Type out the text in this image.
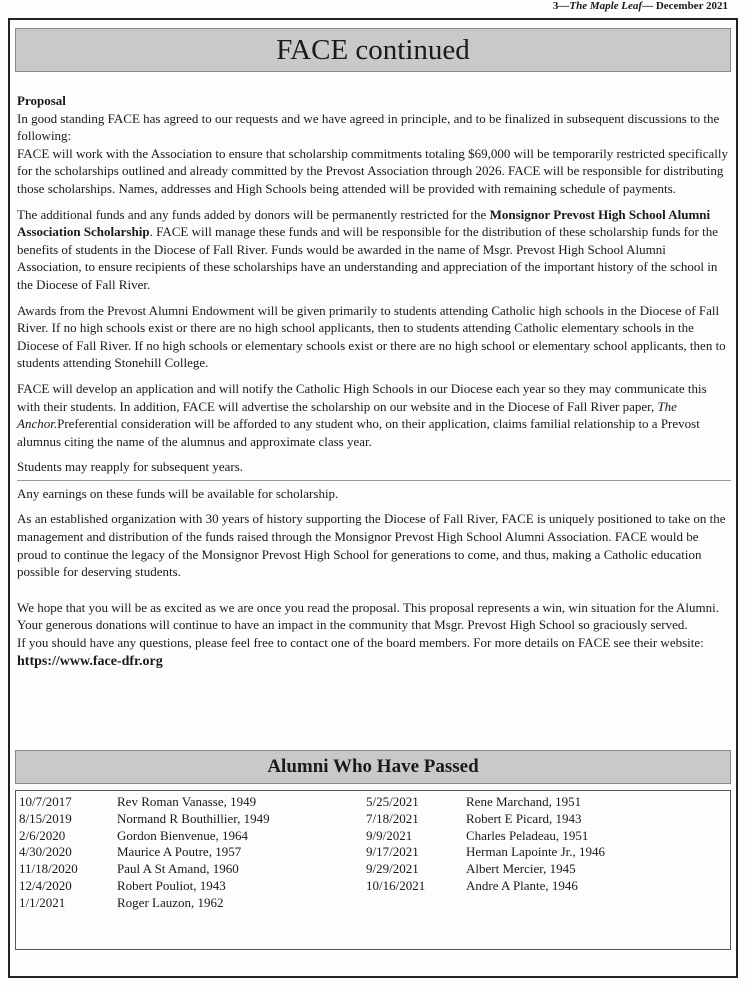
3—The Maple Leaf— December 2021
FACE continued

Proposal

In good standing FACE has agreed to our requests and we have agreed in principle, and to be finalized in subsequent discussions to the following:

FACE will work with the Association to ensure that scholarship commitments totaling $69,000 will be temporarily restricted specifically for the scholarships outlined and already committed by the Prevost Association through 2026. FACE will be responsible for distributing those scholarships. Names, addresses and High Schools being attended will be provided with remaining schedule of payments.

The additional funds and any funds added by donors will be permanently restricted for the Monsignor Prevost High School Alumni Association Scholarship. FACE will manage these funds and will be responsible for the distribution of these scholarship funds for the benefits of students in the Diocese of Fall River. Funds would be awarded in the name of Msgr. Prevost High School Alumni Association, to ensure recipients of these scholarships have an understanding and appreciation of the important history of the school in the Diocese of Fall River.

Awards from the Prevost Alumni Endowment will be given primarily to students attending Catholic high schools in the Diocese of Fall River. If no high schools exist or there are no high school applicants, then to students attending Catholic elementary schools in the Diocese of Fall River. If no high schools or elementary schools exist or there are no high school or elementary school applicants, then to students attending Stonehill College.

FACE will develop an application and will notify the Catholic High Schools in our Diocese each year so they may communicate this with their students. In addition, FACE will advertise the scholarship on our website and in the Diocese of Fall River paper, The Anchor.Preferential consideration will be afforded to any student who, on their application, claims familial relationship to a Prevost alumnus citing the name of the alumnus and approximate class year.

Students may reapply for subsequent years.

Any earnings on these funds will be available for scholarship.

As an established organization with 30 years of history supporting the Diocese of Fall River, FACE is uniquely positioned to take on the management and distribution of the funds raised through the Monsignor Prevost High School Alumni Association. FACE would be proud to continue the legacy of the Monsignor Prevost High School for generations to come, and thus, making a Catholic education possible for deserving students.

We hope that you will be as excited as we are once you read the proposal. This proposal represents a win, win situation for the Alumni. Your generous donations will continue to have an impact in the community that Msgr. Prevost High School so graciously served.

If you should have any questions, please feel free to contact one of the board members. For more details on FACE see their website: https://www.face-dfr.org

Alumni Who Have Passed
10/7/2017	Rev Roman Vanasse, 1949
8/15/2019	Normand R Bouthillier, 1949
2/6/2020	Gordon Bienvenue, 1964
4/30/2020	Maurice A Poutre, 1957
11/18/2020	Paul A St Amand, 1960
12/4/2020	Robert Pouliot, 1943
1/1/2021	Roger Lauzon, 1962
5/25/2021	Rene Marchand, 1951
7/18/2021	Robert E Picard, 1943
9/9/2021	Charles Peladeau, 1951
9/17/2021	Herman Lapointe Jr., 1946
9/29/2021	Albert Mercier, 1945
10/16/2021	Andre A Plante, 1946
